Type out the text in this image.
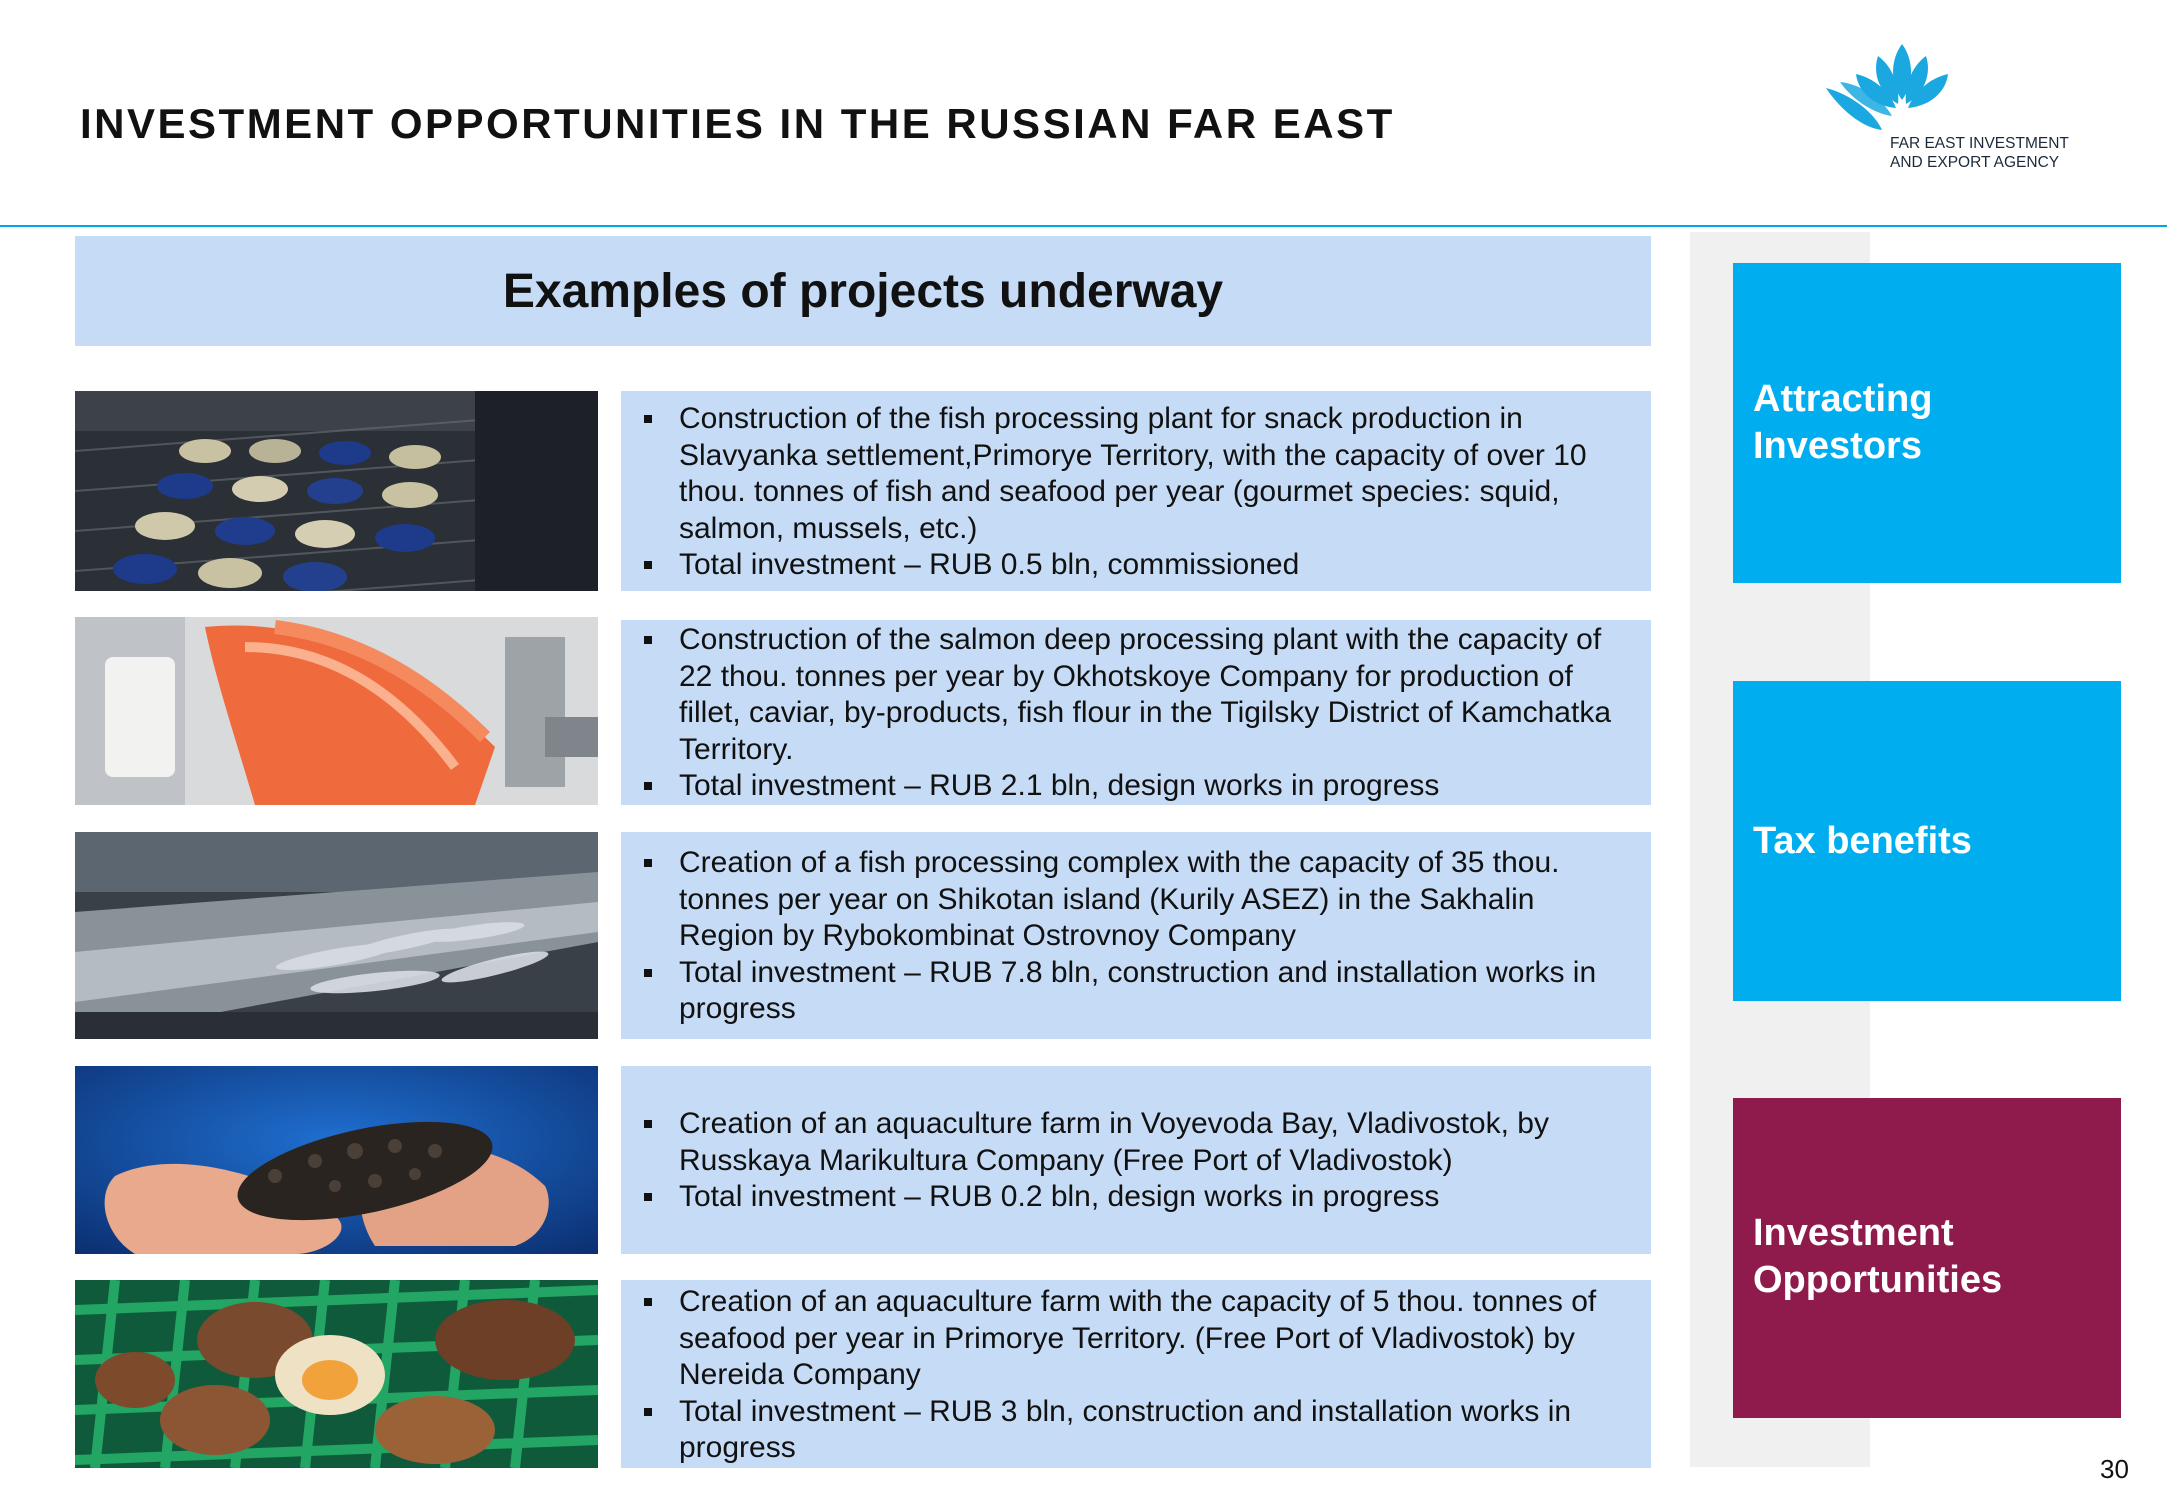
INVESTMENT OPPORTUNITIES IN THE RUSSIAN FAR EAST	FAR EAST INVESTMENT
AND EXPORT AGENCY
Examples of projects underway
Construction of the fish processing plant for snack production in Slavyanka settlement,Primorye Territory, with the capacity of over 10 thou. tonnes of fish and seafood per year (gourmet species: squid, salmon, mussels, etc.)
Total investment – RUB 0.5 bln, commissioned
Construction of the salmon deep processing plant with the capacity of 22 thou. tonnes per year by Okhotskoye Company for production of fillet, caviar, by-products, fish flour in the Tigilsky District of Kamchatka Territory.
Total investment – RUB 2.1 bln, design works in progress
Creation of a fish processing complex with the capacity of 35 thou. tonnes per year on Shikotan island (Kurily ASEZ) in the Sakhalin Region by Rybokombinat Ostrovnoy Company
Total investment – RUB 7.8 bln, construction and installation works in progress
Creation of an aquaculture farm in Voyevoda Bay, Vladivostok, by Russkaya Marikultura Company (Free Port of Vladivostok)
Total investment – RUB 0.2 bln, design works in progress
Creation of an aquaculture farm with the capacity of 5 thou. tonnes of seafood per year in Primorye Territory. (Free Port of Vladivostok) by Nereida Company
Total investment – RUB 3 bln, construction and installation works in progress
Attracting
Investors
Tax benefits
Investment
Opportunities
30
